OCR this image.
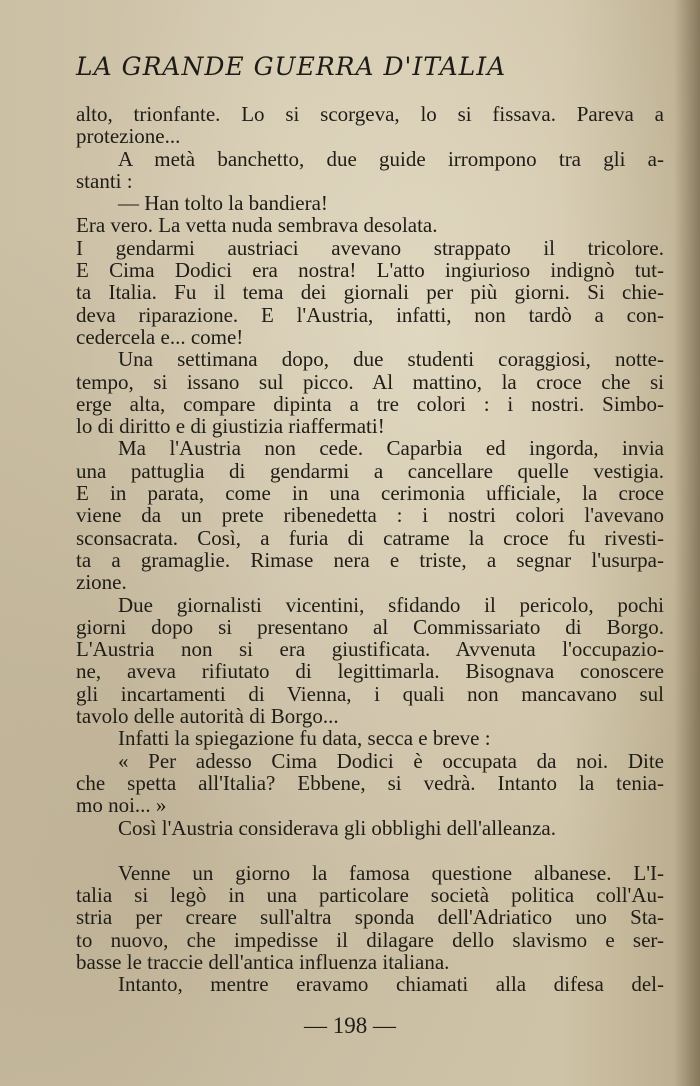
LA GRANDE GUERRA D'ITALIA
alto, trionfante. Lo si scorgeva, lo si fissava. Pareva a
protezione...
A metà banchetto, due guide irrompono tra gli a-
stanti :
— Han tolto la bandiera!
Era vero. La vetta nuda sembrava desolata.
I gendarmi austriaci avevano strappato il tricolore.
E Cima Dodici era nostra! L'atto ingiurioso indignò tut-
ta Italia. Fu il tema dei giornali per più giorni. Si chie-
deva riparazione. E l'Austria, infatti, non tardò a con-
cedercela e... come!
Una settimana dopo, due studenti coraggiosi, notte-
tempo, si issano sul picco. Al mattino, la croce che si
erge alta, compare dipinta a tre colori : i nostri. Simbo-
lo di diritto e di giustizia riaffermati!
Ma l'Austria non cede. Caparbia ed ingorda, invia
una pattuglia di gendarmi a cancellare quelle vestigia.
E in parata, come in una cerimonia ufficiale, la croce
viene da un prete ribenedetta : i nostri colori l'avevano
sconsacrata. Così, a furia di catrame la croce fu rivesti-
ta a gramaglie. Rimase nera e triste, a segnar l'usurpa-
zione.
Due giornalisti vicentini, sfidando il pericolo, pochi
giorni dopo si presentano al Commissariato di Borgo.
L'Austria non si era giustificata. Avvenuta l'occupazio-
ne, aveva rifiutato di legittimarla. Bisognava conoscere
gli incartamenti di Vienna, i quali non mancavano sul
tavolo delle autorità di Borgo...
Infatti la spiegazione fu data, secca e breve :
« Per adesso Cima Dodici è occupata da noi. Dite
che spetta all'Italia? Ebbene, si vedrà. Intanto la tenia-
mo noi... »
Così l'Austria considerava gli obblighi dell'alleanza.
Venne un giorno la famosa questione albanese. L'I-
talia si legò in una particolare società politica coll'Au-
stria per creare sull'altra sponda dell'Adriatico uno Sta-
to nuovo, che impedisse il dilagare dello slavismo e ser-
basse le traccie dell'antica influenza italiana.
Intanto, mentre eravamo chiamati alla difesa del-
— 198 —
